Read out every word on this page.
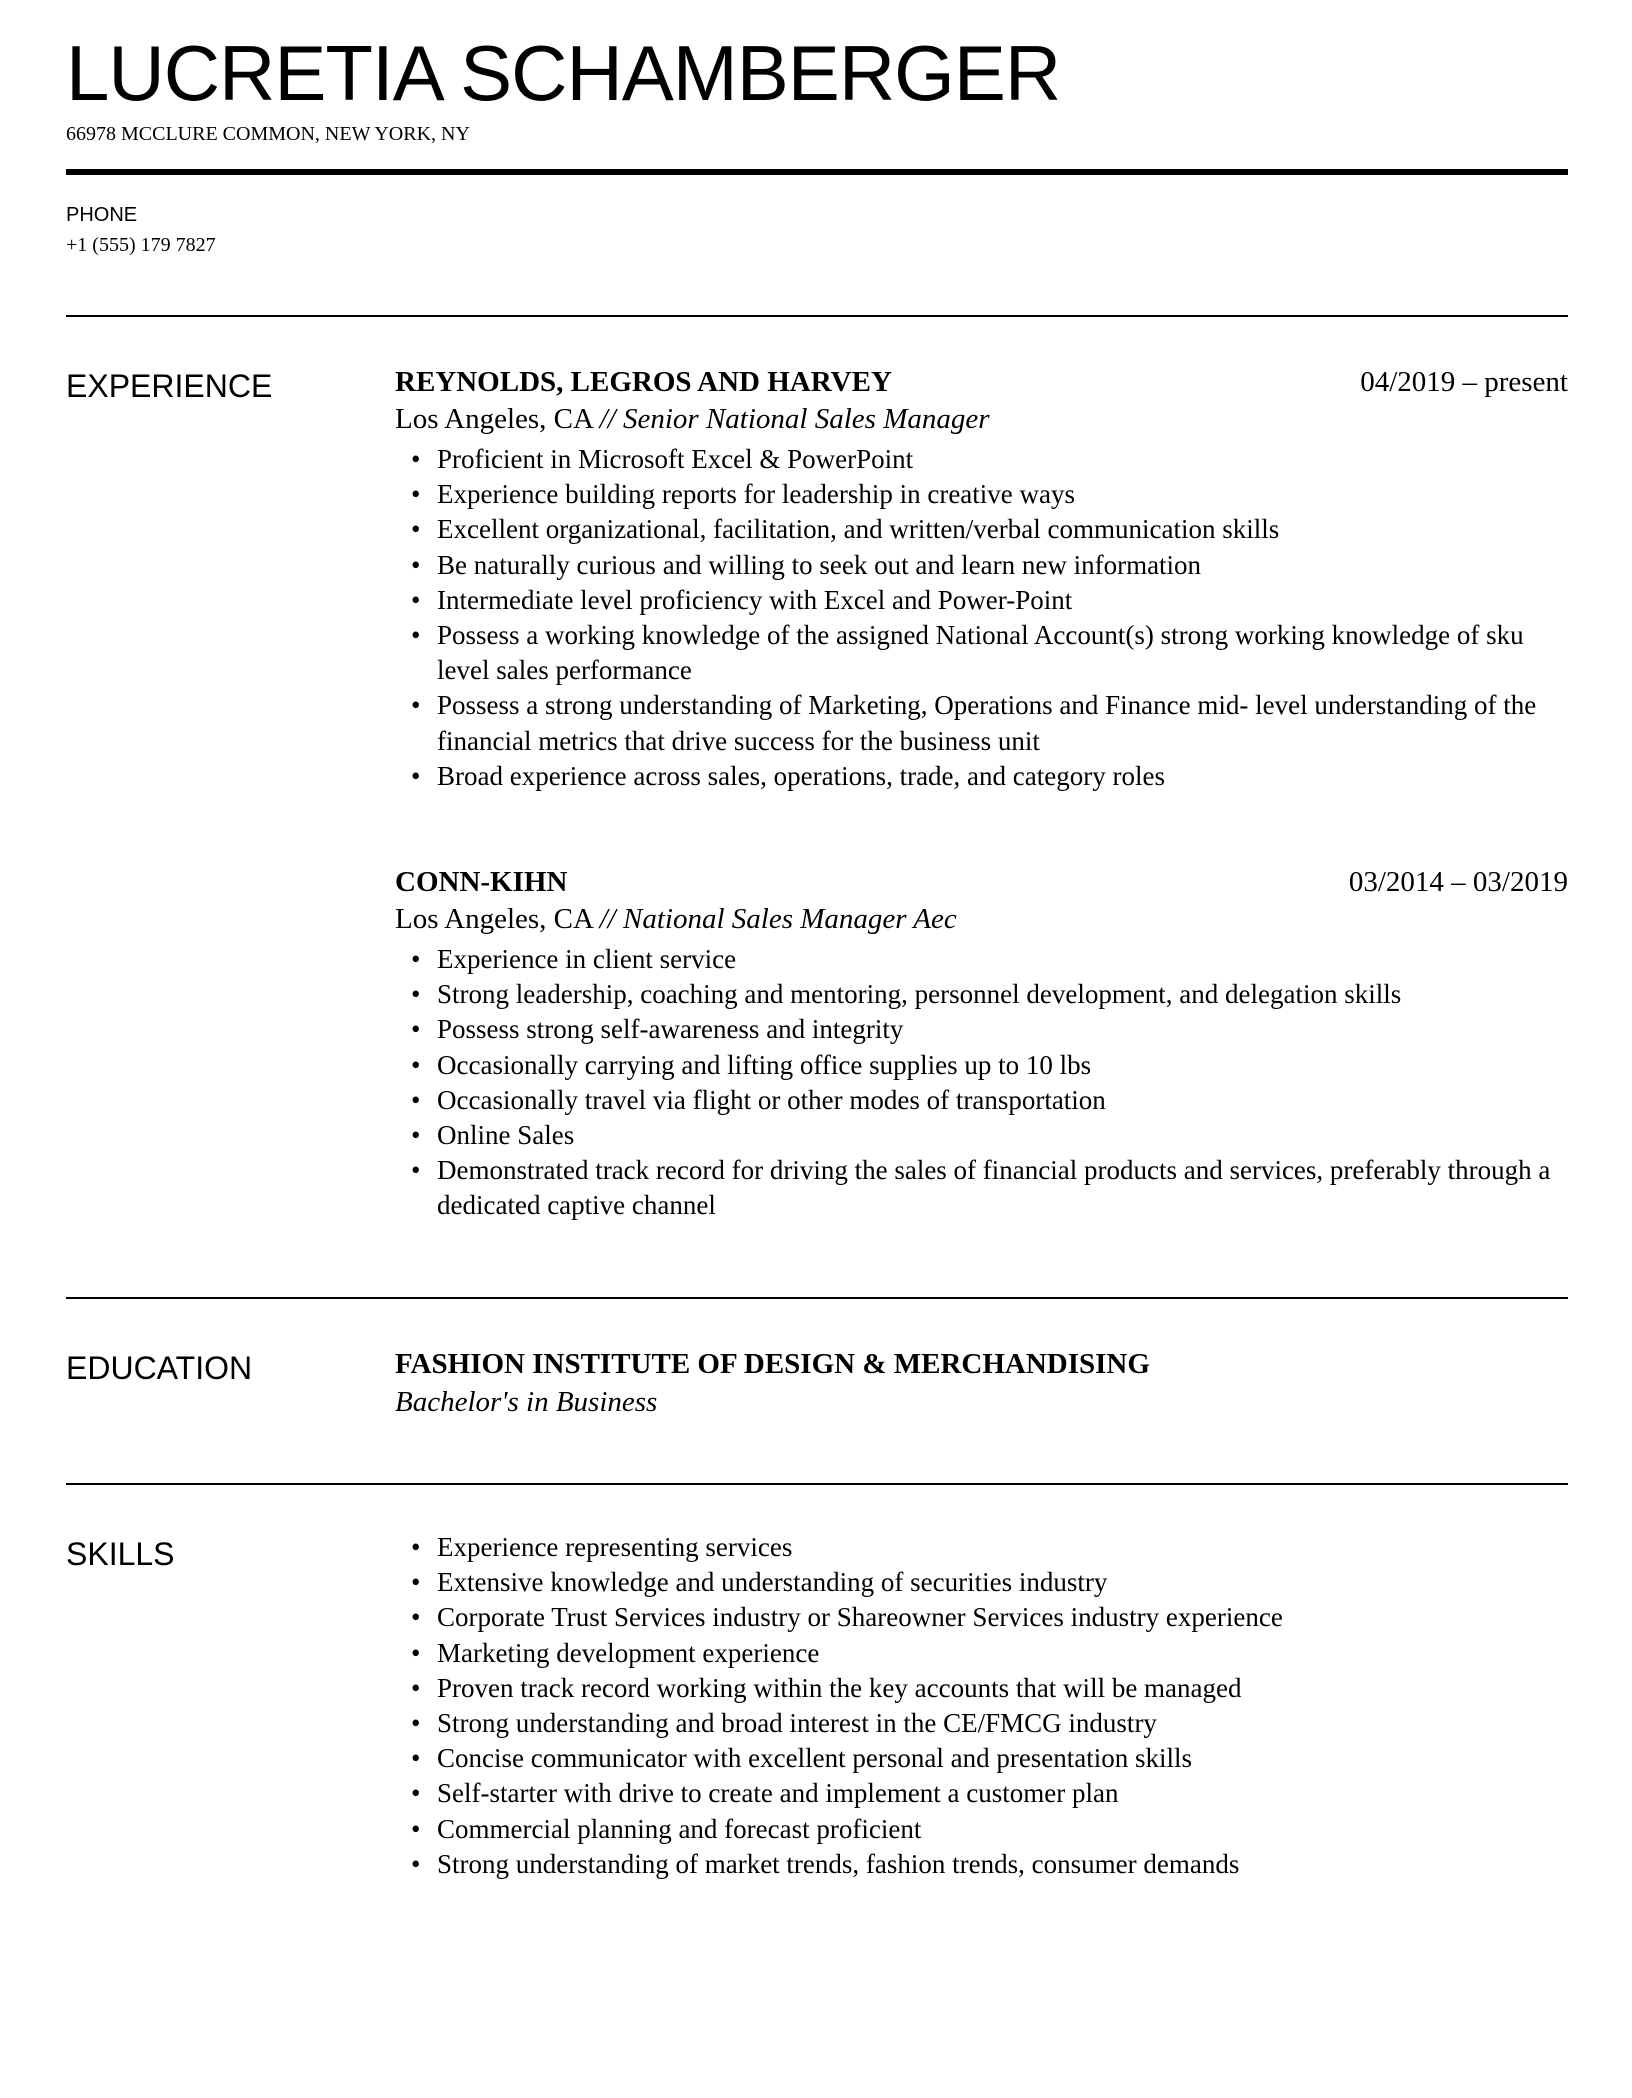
LUCRETIA SCHAMBERGER
66978 MCCLURE COMMON, NEW YORK, NY
PHONE
+1 (555) 179 7827
EXPERIENCE	REYNOLDS, LEGROS AND HARVEY	04/2019 – present
Los Angeles, CA // Senior National Sales Manager
• Proficient in Microsoft Excel & PowerPoint
• Experience building reports for leadership in creative ways
• Excellent organizational, facilitation, and written/verbal communication skills
• Be naturally curious and willing to seek out and learn new information
• Intermediate level proficiency with Excel and Power-Point
• Possess a working knowledge of the assigned National Account(s) strong working knowledge of sku level sales performance
• Possess a strong understanding of Marketing, Operations and Finance mid- level understanding of the financial metrics that drive success for the business unit
• Broad experience across sales, operations, trade, and category roles
CONN-KIHN	03/2014 – 03/2019
Los Angeles, CA // National Sales Manager Aec
• Experience in client service
• Strong leadership, coaching and mentoring, personnel development, and delegation skills
• Possess strong self-awareness and integrity
• Occasionally carrying and lifting office supplies up to 10 lbs
• Occasionally travel via flight or other modes of transportation
• Online Sales
• Demonstrated track record for driving the sales of financial products and services, preferably through a dedicated captive channel
EDUCATION	FASHION INSTITUTE OF DESIGN & MERCHANDISING
Bachelor's in Business
SKILLS
•	Experience representing services
• Extensive knowledge and understanding of securities industry
• Corporate Trust Services industry or Shareowner Services industry experience
• Marketing development experience
• Proven track record working within the key accounts that will be managed
• Strong understanding and broad interest in the CE/FMCG industry
• Concise communicator with excellent personal and presentation skills
• Self-starter with drive to create and implement a customer plan
• Commercial planning and forecast proficient
• Strong understanding of market trends, fashion trends, consumer demands
